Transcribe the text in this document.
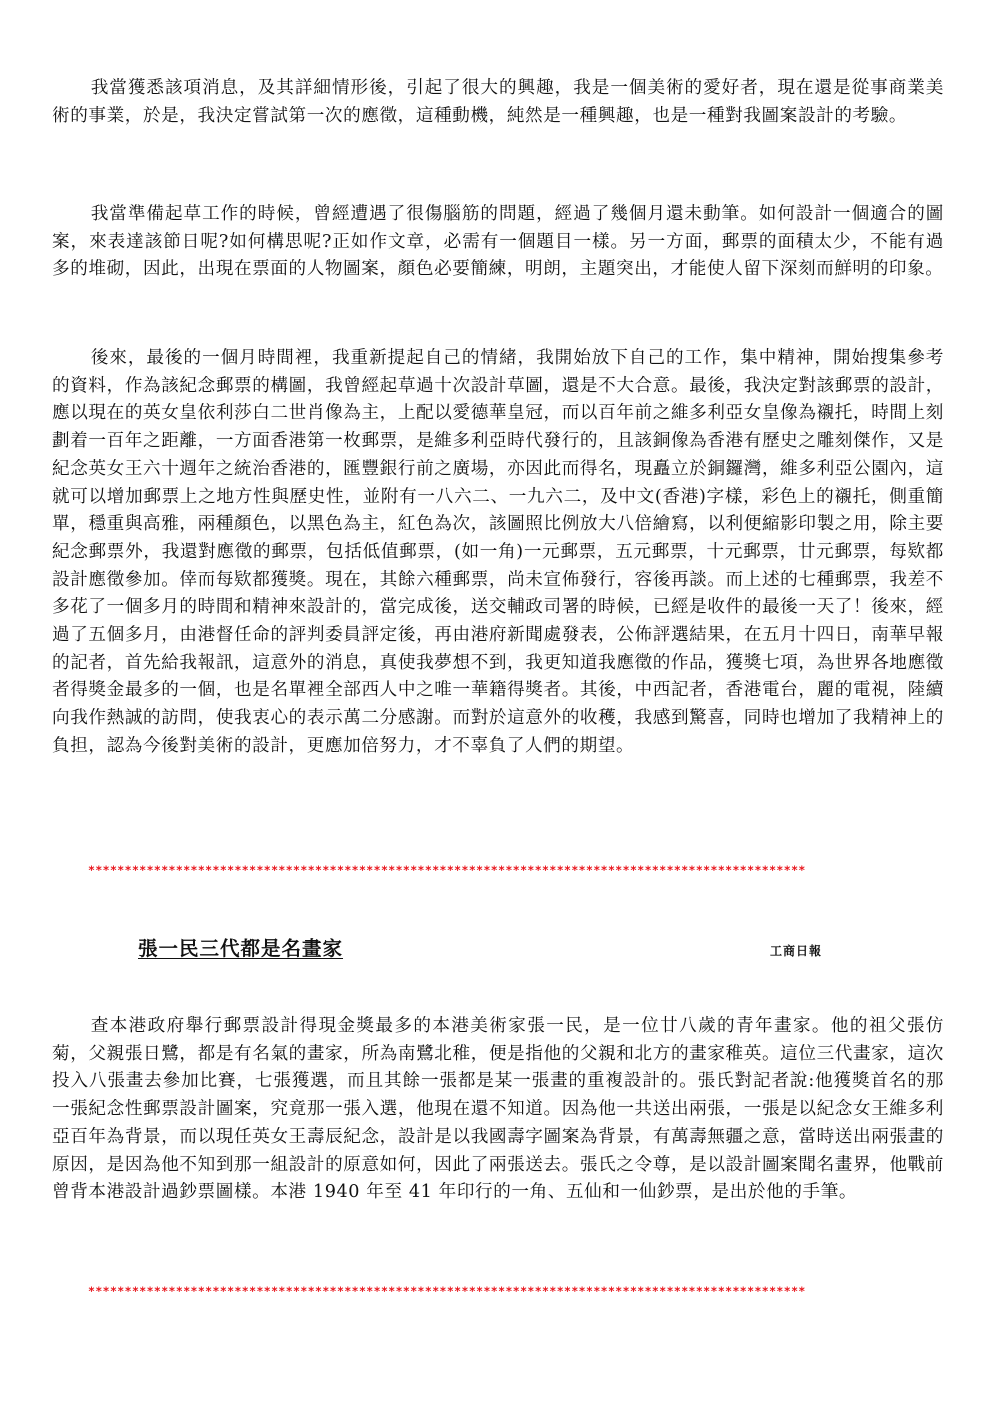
我當獲悉該項消息，及其詳細情形後，引起了很大的興趣，我是一個美術的愛好者，現在還是從事商業美術的事業，於是，我決定嘗試第一次的應徵，這種動機，純然是一種興趣，也是一種對我圖案設計的考驗。

我當準備起草工作的時候，曾經遭遇了很傷腦筋的問題，經過了幾個月還未動筆。如何設計一個適合的圖案，來表達該節日呢?如何構思呢?正如作文章，必需有一個題目一樣。另一方面，郵票的面積太少，不能有過多的堆砌，因此，出現在票面的人物圖案，顏色必要簡練，明朗，主題突出，才能使人留下深刻而鮮明的印象。

後來，最後的一個月時間裡，我重新提起自己的情緒，我開始放下自己的工作，集中精神，開始搜集參考的資料，作為該紀念郵票的構圖，我曾經起草過十次設計草圖，還是不大合意。最後，我決定對該郵票的設計，應以現在的英女皇依利莎白二世肖像為主，上配以愛德華皇冠，而以百年前之維多利亞女皇像為襯托，時間上刻劃着一百年之距離，一方面香港第一枚郵票，是維多利亞時代發行的，且該銅像為香港有歷史之雕刻傑作，又是紀念英女王六十週年之統治香港的，匯豐銀行前之廣場，亦因此而得名，現矗立於銅鑼灣，維多利亞公園內，這就可以增加郵票上之地方性與歷史性，並附有一八六二、一九六二，及中文(香港)字樣，彩色上的襯托，側重簡單，穩重與高雅，兩種顏色，以黑色為主，紅色為次，該圖照比例放大八倍繪寫，以利便縮影印製之用，除主要紀念郵票外，我還對應徵的郵票，包括低值郵票，(如一角)一元郵票，五元郵票，十元郵票，廿元郵票，每欵都設計應徵參加。倖而每欵都獲獎。現在，其餘六種郵票，尚未宣佈發行，容後再談。而上述的七種郵票，我差不多花了一個多月的時間和精神來設計的，當完成後，送交輔政司署的時候，已經是收件的最後一天了！後來，經過了五個多月，由港督任命的評判委員評定後，再由港府新聞處發表，公佈評選結果，在五月十四日，南華早報的記者，首先給我報訊，這意外的消息，真使我夢想不到，我更知道我應徵的作品，獲獎七項，為世界各地應徵者得獎金最多的一個，也是名單裡全部西人中之唯一華籍得獎者。其後，中西記者，香港電台，麗的電視，陸續向我作熱誠的訪問，使我衷心的表示萬二分感謝。而對於這意外的收穫，我感到驚喜，同時也增加了我精神上的負担，認為今後對美術的設計，更應加倍努力，才不辜負了人們的期望。

**************************************************************************************************
張一民三代都是名畫家	工商日報

查本港政府舉行郵票設計得現金獎最多的本港美術家張一民，是一位廿八歲的青年畫家。他的祖父張仿菊，父親張日鷺，都是有名氣的畫家，所為南鷺北稚，便是指他的父親和北方的畫家稚英。這位三代畫家，這次投入八張畫去參加比賽，七張獲選，而且其餘一張都是某一張畫的重複設計的。張氏對記者說:他獲獎首名的那一張紀念性郵票設計圖案，究竟那一張入選，他現在還不知道。因為他一共送出兩張，一張是以紀念女王維多利亞百年為背景，而以現任英女王壽辰紀念，設計是以我國壽字圖案為背景，有萬壽無疆之意，當時送出兩張畫的原因，是因為他不知到那一組設計的原意如何，因此了兩張送去。張氏之令尊，是以設計圖案聞名畫界，他戰前曾背本港設計過鈔票圖樣。本港 1940 年至 41 年印行的一角、五仙和一仙鈔票，是出於他的手筆。

**************************************************************************************************
